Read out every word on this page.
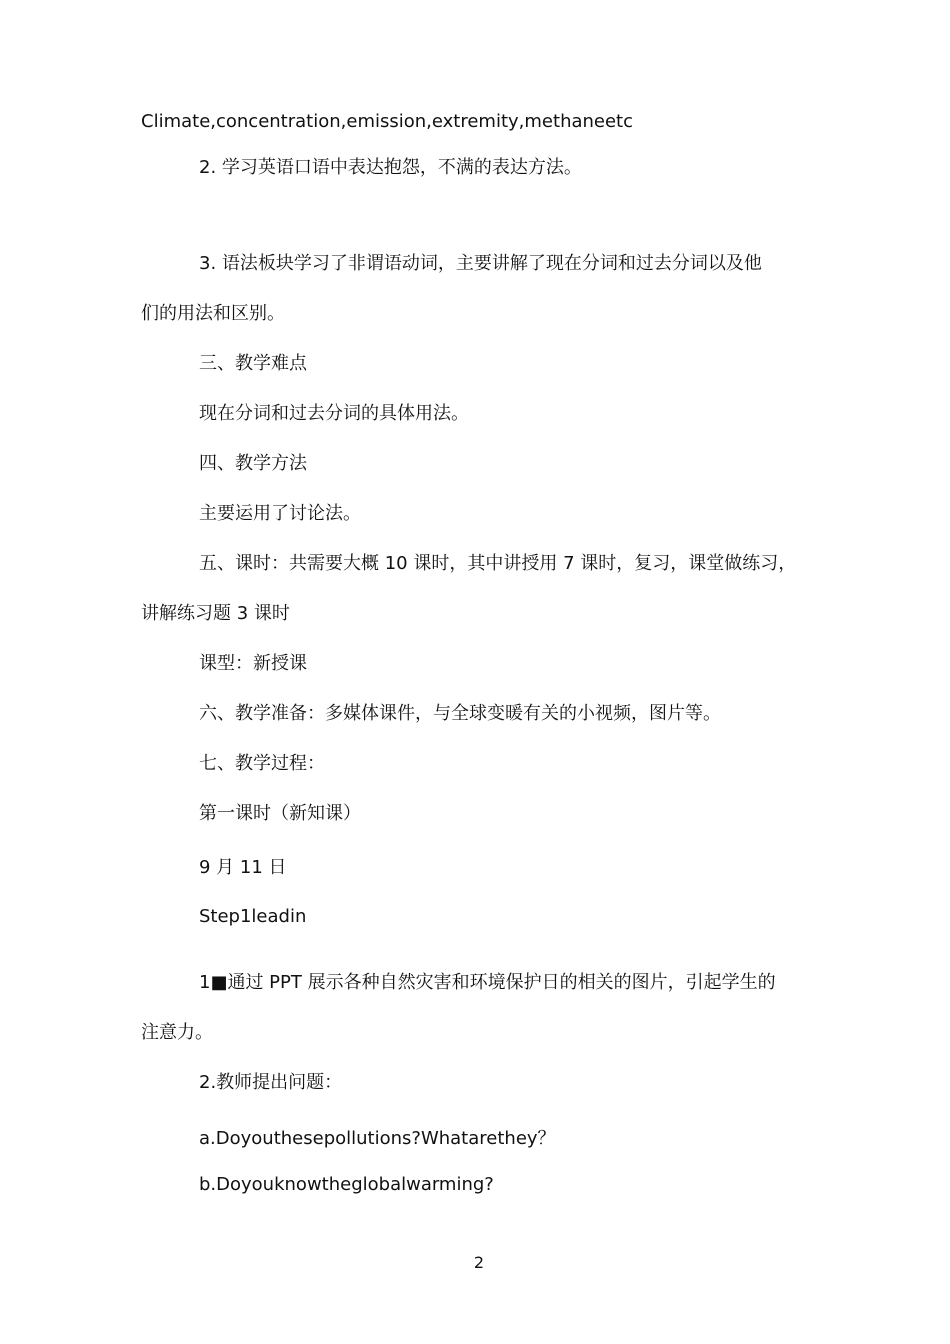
Climate,concentration,emission,extremity,methaneetc
2. 学习英语口语中表达抱怨，不满的表达方法。
3. 语法板块学习了非谓语动词，主要讲解了现在分词和过去分词以及他
们的用法和区别。
三、教学难点
现在分词和过去分词的具体用法。
四、教学方法
主要运用了讨论法。
五、课时：共需要大概 10 课时，其中讲授用 7 课时，复习，课堂做练习，
讲解练习题 3 课时
课型：新授课
六、教学准备：多媒体课件，与全球变暖有关的小视频，图片等。
七、教学过程：
第一课时（新知课）
9 月 11 日
Step1leadin
1■通过 PPT 展示各种自然灾害和环境保护日的相关的图片，引起学生的
注意力。
2.教师提出问题：
a.Doyouthesepollutions?Whatarethey？
b.Doyouknowtheglobalwarming?
2
